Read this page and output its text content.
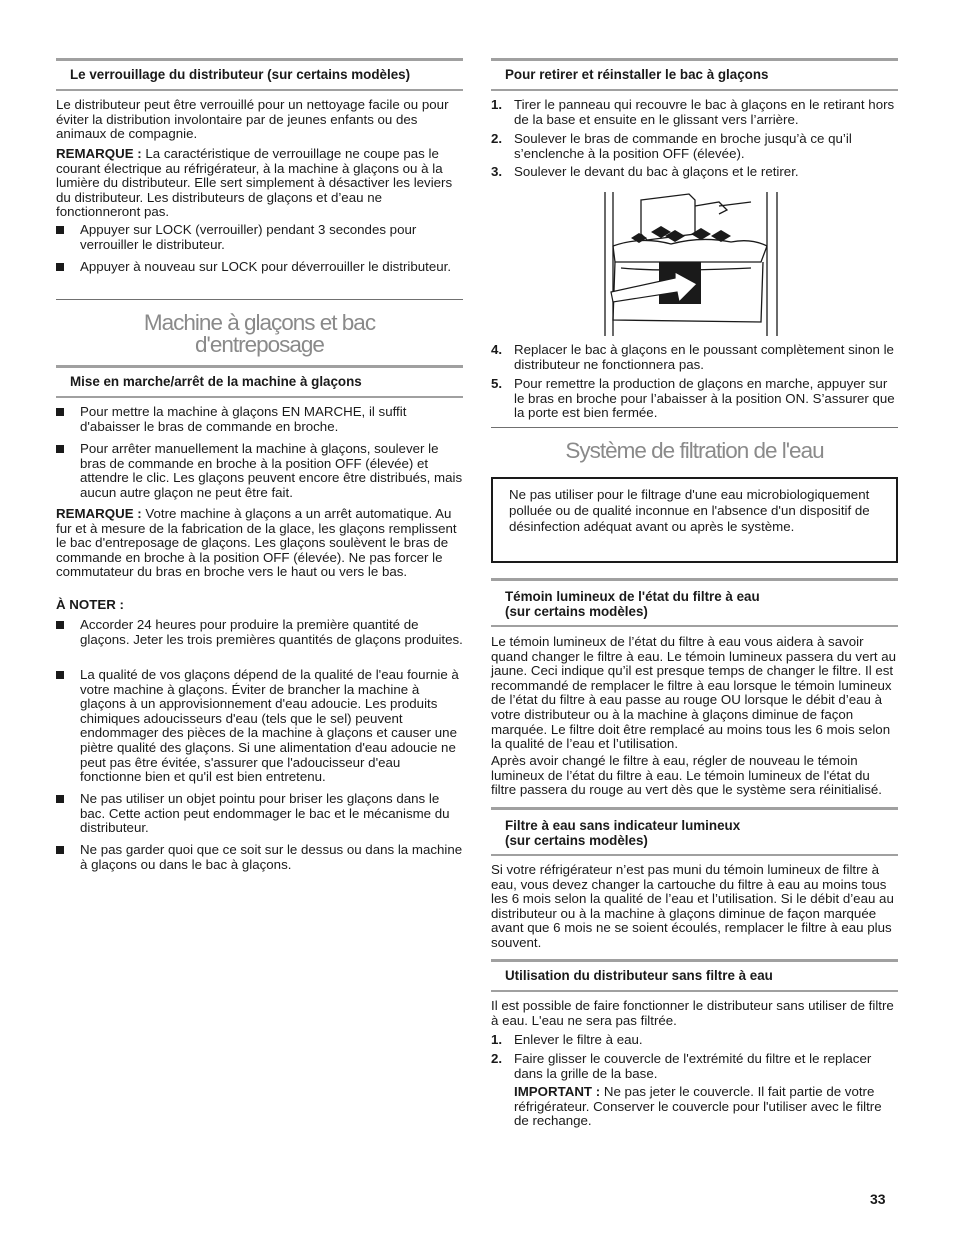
Le verrouillage du distributeur (sur certains modèles)

Le distributeur peut être verrouillé pour un nettoyage facile ou pour éviter la distribution involontaire par de jeunes enfants ou des animaux de compagnie.

REMARQUE : La caractéristique de verrouillage ne coupe pas le courant électrique au réfrigérateur, à la machine à glaçons ou à la lumière du distributeur. Elle sert simplement à désactiver les leviers du distributeur. Les distributeurs de glaçons et d’eau ne fonctionneront pas.

Appuyer sur LOCK (verrouiller) pendant 3 secondes pour verrouiller le distributeur.
Appuyer à nouveau sur LOCK pour déverrouiller le distributeur.
Machine à glaçons et bac
d'entreposage
Mise en marche/arrêt de la machine à glaçons
Pour mettre la machine à glaçons EN MARCHE, il suffit d'abaisser le bras de commande en broche.
Pour arrêter manuellement la machine à glaçons, soulever le bras de commande en broche à la position OFF (élevée) et attendre le clic. Les glaçons peuvent encore être distribués, mais aucun autre glaçon ne peut être fait.

REMARQUE : Votre machine à glaçons a un arrêt automatique. Au fur et à mesure de la fabrication de la glace, les glaçons remplissent le bac d'entreposage de glaçons. Les glaçons soulèvent le bras de commande en broche à la position OFF (élevée). Ne pas forcer le commutateur du bras en broche vers le haut ou vers le bas.

À NOTER :

Accorder 24 heures pour produire la première quantité de glaçons. Jeter les trois premières quantités de glaçons produites.
La qualité de vos glaçons dépend de la qualité de l'eau fournie à votre machine à glaçons. Éviter de brancher la machine à glaçons à un approvisionnement d'eau adoucie. Les produits chimiques adoucisseurs d'eau (tels que le sel) peuvent endommager des pièces de la machine à glaçons et causer une piètre qualité des glaçons. Si une alimentation d'eau adoucie ne peut pas être évitée, s'assurer que l'adoucisseur d'eau fonctionne bien et qu'il est bien entretenu.
Ne pas utiliser un objet pointu pour briser les glaçons dans le bac. Cette action peut endommager le bac et le mécanisme du distributeur.
Ne pas garder quoi que ce soit sur le dessus ou dans la machine à glaçons ou dans le bac à glaçons.
Pour retirer et réinstaller le bac à glaçons
1. Tirer le panneau qui recouvre le bac à glaçons en le retirant hors de la base et ensuite en le glissant vers l’arrière.
2. Soulever le bras de commande en broche jusqu’à ce qu’il s’enclenche à la position OFF (élevée).
3. Soulever le devant du bac à glaçons et le retirer.
4. Replacer le bac à glaçons en le poussant complètement sinon le distributeur ne fonctionnera pas.
5. Pour remettre la production de glaçons en marche, appuyer sur le bras en broche pour l’abaisser à la position ON. S’assurer que la porte est bien fermée.
Système de filtration de l'eau
Ne pas utiliser pour le filtrage d'une eau microbiologiquement polluée ou de qualité inconnue en l'absence d'un dispositif de désinfection adéquat avant ou après le système.
Témoin lumineux de l'état du filtre à eau
(sur certains modèles)

Le témoin lumineux de l’état du filtre à eau vous aidera à savoir quand changer le filtre à eau. Le témoin lumineux passera du vert au jaune. Ceci indique qu’il est presque temps de changer le filtre. Il est recommandé de remplacer le filtre à eau lorsque le témoin lumineux de l’état du filtre à eau passe au rouge OU lorsque le débit d’eau à votre distributeur ou à la machine à glaçons diminue de façon marquée. Le filtre doit être remplacé au moins tous les 6 mois selon la qualité de l’eau et l’utilisation.

Après avoir changé le filtre à eau, régler de nouveau le témoin lumineux de l’état du filtre à eau. Le témoin lumineux de l'état du filtre passera du rouge au vert dès que le système sera réinitialisé.

Filtre à eau sans indicateur lumineux
(sur certains modèles)

Si votre réfrigérateur n’est pas muni du témoin lumineux de filtre à eau, vous devez changer la cartouche du filtre à eau au moins tous les 6 mois selon la qualité de l’eau et l’utilisation. Si le débit d’eau au distributeur ou à la machine à glaçons diminue de façon marquée avant que 6 mois ne se soient écoulés, remplacer le filtre à eau plus souvent.

Utilisation du distributeur sans filtre à eau

Il est possible de faire fonctionner le distributeur sans utiliser de filtre à eau. L'eau ne sera pas filtrée.

1. Enlever le filtre à eau.
2. Faire glisser le couvercle de l'extrémité du filtre et le replacer dans la grille de la base.

IMPORTANT : Ne pas jeter le couvercle. Il fait partie de votre réfrigérateur. Conserver le couvercle pour l'utiliser avec le filtre de rechange.

33
